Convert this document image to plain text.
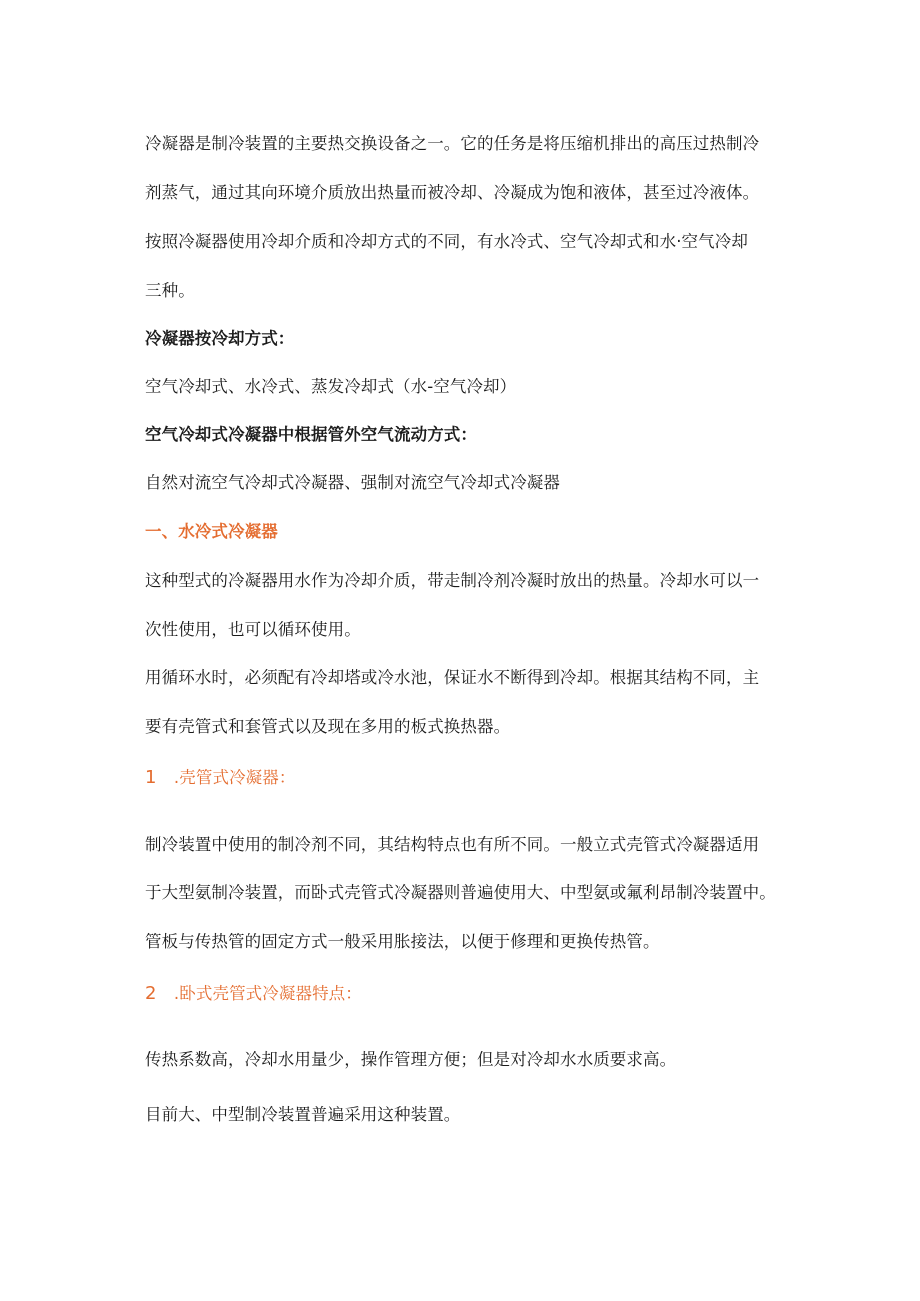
冷凝器是制冷装置的主要热交换设备之一。它的任务是将压缩机排出的高压过热制冷
剂蒸气，通过其向环境介质放出热量而被冷却、冷凝成为饱和液体，甚至过冷液体。
按照冷凝器使用冷却介质和冷却方式的不同，有水冷式、空气冷却式和水·空气冷却
三种。
冷凝器按冷却方式：
空气冷却式、水冷式、蒸发冷却式（水-空气冷却）
空气冷却式冷凝器中根据管外空气流动方式：
自然对流空气冷却式冷凝器、强制对流空气冷却式冷凝器
一、水冷式冷凝器
这种型式的冷凝器用水作为冷却介质，带走制冷剂冷凝时放出的热量。冷却水可以一
次性使用，也可以循环使用。
用循环水时，必须配有冷却塔或冷水池，保证水不断得到冷却。根据其结构不同，主
要有壳管式和套管式以及现在多用的板式换热器。
1 .壳管式冷凝器：
制冷装置中使用的制冷剂不同，其结构特点也有所不同。一般立式壳管式冷凝器适用
于大型氨制冷装置，而卧式壳管式冷凝器则普遍使用大、中型氨或氟利昂制冷装置中。
管板与传热管的固定方式一般采用胀接法，以便于修理和更换传热管。
2 .卧式壳管式冷凝器特点：
传热系数高，冷却水用量少，操作管理方便；但是对冷却水水质要求高。
目前大、中型制冷装置普遍采用这种装置。
